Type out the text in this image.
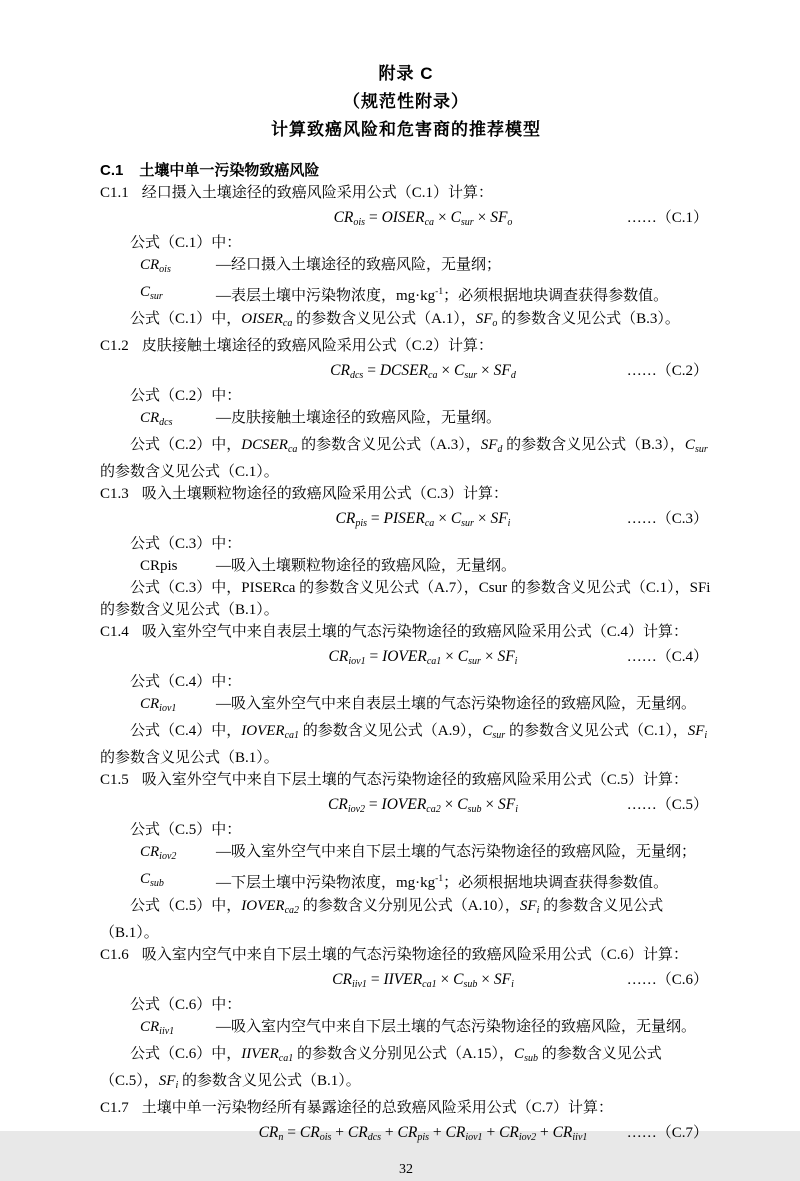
附录 C
（规范性附录）
计算致癌风险和危害商的推荐模型
C.1 土壤中单一污染物致癌风险
C1.1 经口摄入土壤途径的致癌风险采用公式（C.1）计算：
CRois = OISERca × Csur × SFo	……（C.1）
公式（C.1）中：
$CR_{ois}$	—经口摄入土壤途径的致癌风险，无量纲；
$C_{sur}$	—表层土壤中污染物浓度，$mg\cdot kg^{-1}$；必须根据地块调查获得参数值。
公式（C.1）中，$OISER_{ca}$ 的参数含义见公式（A.1），$SF_o$ 的参数含义见公式（B.3）。
C1.2 皮肤接触土壤途径的致癌风险采用公式（C.2）计算：
CRdcs = DCSERca × Csur × SFd	……（C.2）
公式（C.2）中：
$CR_{dcs}$	—皮肤接触土壤途径的致癌风险，无量纲。
公式（C.2）中，$DCSER_{ca}$ 的参数含义见公式（A.3），$SF_d$ 的参数含义见公式（B.3），$C_{sur}$ 的参数含义见公式（C.1）。
C1.3 吸入土壤颗粒物途径的致癌风险采用公式（C.3）计算：
CRpis = PISERca × Csur × SFi	……（C.3）
公式（C.3）中：
CRpis	—吸入土壤颗粒物途径的致癌风险，无量纲。
公式（C.3）中，PISERca 的参数含义见公式（A.7），Csur 的参数含义见公式（C.1），SFi 的参数含义见公式（B.1）。
C1.4 吸入室外空气中来自表层土壤的气态污染物途径的致癌风险采用公式（C.4）计算：
CRiov1 = IOVERca1 × Csur × SFi	……（C.4）
公式（C.4）中：
$CR_{iov1}$	—吸入室外空气中来自表层土壤的气态污染物途径的致癌风险，无量纲。
公式（C.4）中，$IOVER_{ca1}$ 的参数含义见公式（A.9），$C_{sur}$ 的参数含义见公式（C.1），$SF_i$ 的参数含义见公式（B.1）。
C1.5 吸入室外空气中来自下层土壤的气态污染物途径的致癌风险采用公式（C.5）计算：
CRiov2 = IOVERca2 × Csub × SFi	……（C.5）
公式（C.5）中：
$CR_{iov2}$	—吸入室外空气中来自下层土壤的气态污染物途径的致癌风险，无量纲；
$C_{sub}$	—下层土壤中污染物浓度，$mg\cdot kg^{-1}$；必须根据地块调查获得参数值。
公式（C.5）中，$IOVER_{ca2}$ 的参数含义分别见公式（A.10），$SF_i$ 的参数含义见公式（B.1）。
C1.6 吸入室内空气中来自下层土壤的气态污染物途径的致癌风险采用公式（C.6）计算：
CRiiv1 = IIVERca1 × Csub × SFi	……（C.6）
公式（C.6）中：
$CR_{iiv1}$	—吸入室内空气中来自下层土壤的气态污染物途径的致癌风险，无量纲。
公式（C.6）中，$IIVER_{ca1}$ 的参数含义分别见公式（A.15），$C_{sub}$ 的参数含义见公式（C.5），$SF_i$ 的参数含义见公式（B.1）。
C1.7 土壤中单一污染物经所有暴露途径的总致癌风险采用公式（C.7）计算：
CRn = CRois + CRdcs + CRpis + CRiov1 + CRiov2 + CRiiv1	……（C.7）
32
